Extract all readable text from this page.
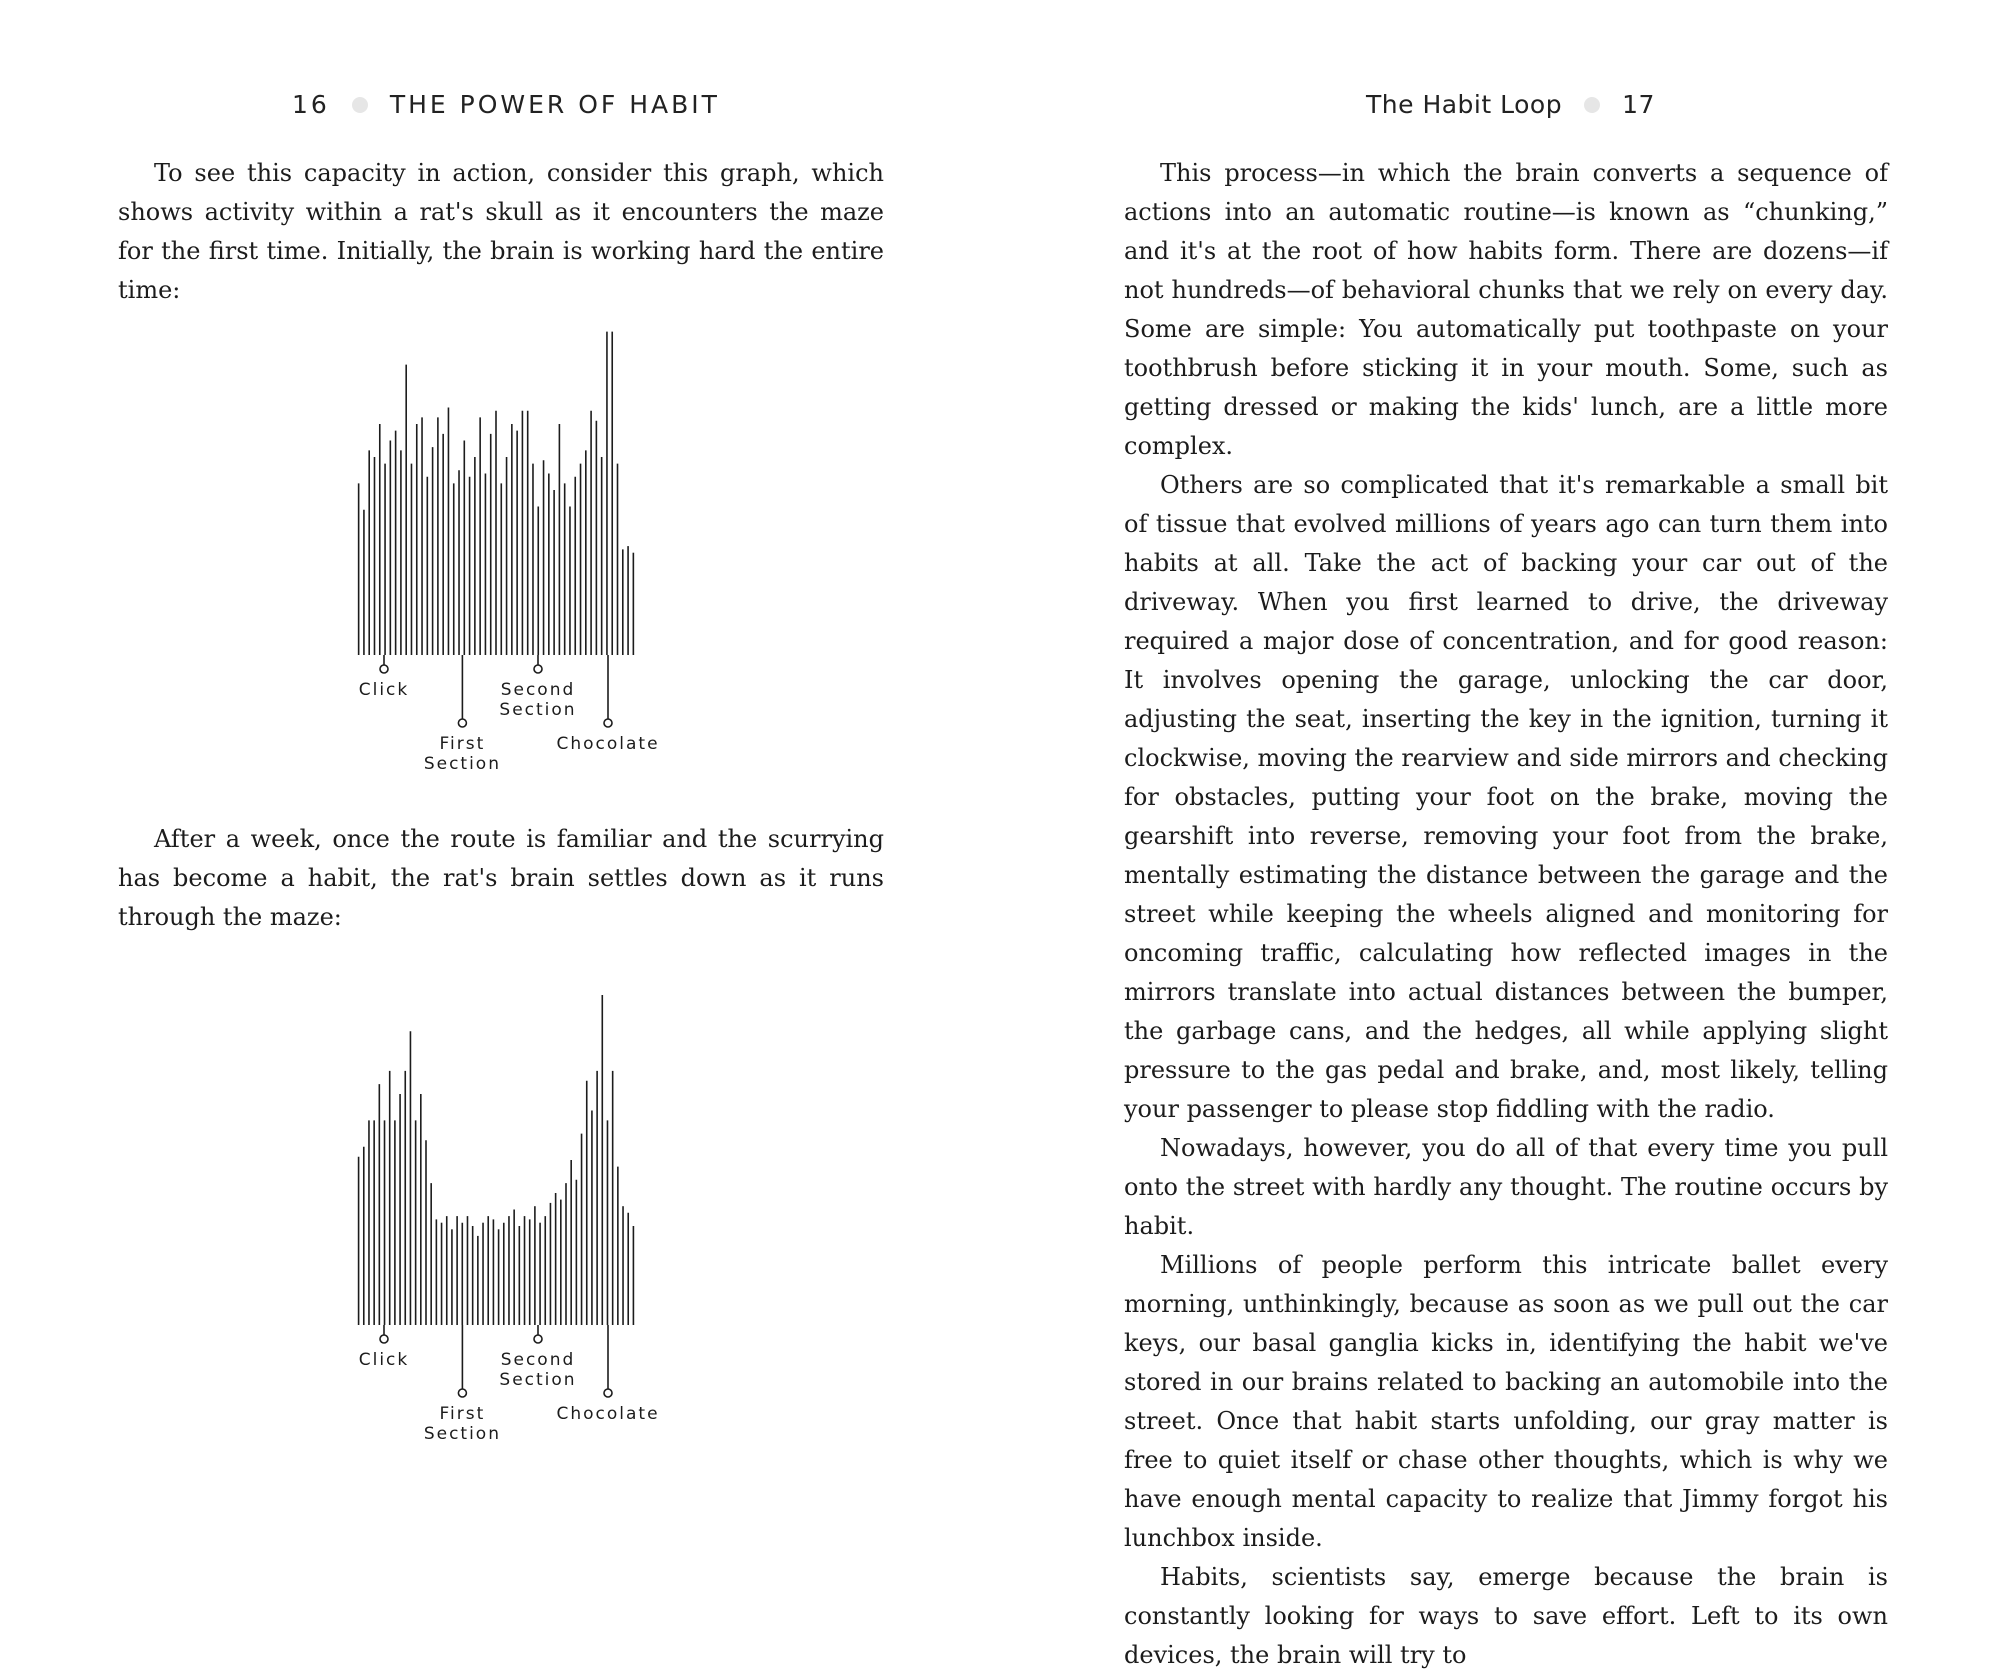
16 THE POWER OF HABIT

To see this capacity in action, consider this graph, which shows activity within a rat's skull as it encounters the maze for the first time. Initially, the brain is working hard the entire time:

Click
First Section
Second Section
Chocolate

After a week, once the route is familiar and the scurrying has become a habit, the rat's brain settles down as it runs through the maze:

Click
First Section
Second Section
Chocolate
The Habit Loop 17

This process—in which the brain converts a sequence of actions into an automatic routine—is known as “chunking,” and it's at the root of how habits form. There are dozens—if not hundreds—of behavioral chunks that we rely on every day. Some are simple: You automatically put toothpaste on your toothbrush before sticking it in your mouth. Some, such as getting dressed or making the kids' lunch, are a little more complex.

Others are so complicated that it's remarkable a small bit of tissue that evolved millions of years ago can turn them into habits at all. Take the act of backing your car out of the driveway. When you first learned to drive, the driveway required a major dose of concentration, and for good reason: It involves opening the garage, unlocking the car door, adjusting the seat, inserting the key in the ignition, turning it clockwise, moving the rearview and side mirrors and checking for obstacles, putting your foot on the brake, moving the gearshift into reverse, removing your foot from the brake, mentally estimating the distance between the garage and the street while keeping the wheels aligned and monitoring for oncoming traffic, calculating how reflected images in the mirrors translate into actual distances between the bumper, the garbage cans, and the hedges, all while applying slight pressure to the gas pedal and brake, and, most likely, telling your passenger to please stop fiddling with the radio.

Nowadays, however, you do all of that every time you pull onto the street with hardly any thought. The routine occurs by habit.

Millions of people perform this intricate ballet every morning, unthinkingly, because as soon as we pull out the car keys, our basal ganglia kicks in, identifying the habit we've stored in our brains related to backing an automobile into the street. Once that habit starts unfolding, our gray matter is free to quiet itself or chase other thoughts, which is why we have enough mental capacity to realize that Jimmy forgot his lunchbox inside.

Habits, scientists say, emerge because the brain is constantly looking for ways to save effort. Left to its own devices, the brain will try to
